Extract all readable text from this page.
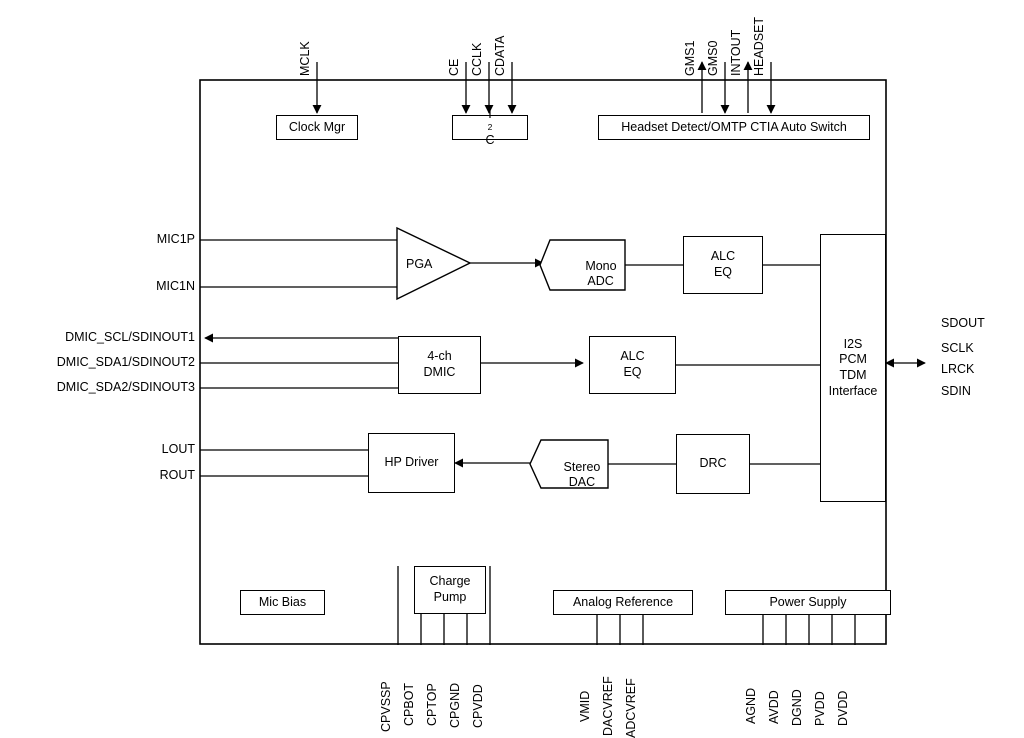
MCLK	CE CCLK CDATA	GMS1 GMS0 INTOUT HEADSET
Clock Mgr
I
2
C
Headset Detect/OMTP CTIA Auto Switch
MIC1P
MIC1N
DMIC_SCL/SDINOUT1
DMIC_SDA1/SDINOUT2
DMIC_SDA2/SDINOUT3
LOUT
ROUT
SDOUT
SCLK
LRCK
SDIN
PGA	Mono
ADC

ALC
EQ
4-ch
DMIC
ALC
EQ
I2S
PCM
TDM
Interface
HP Driver	Stereo
DAC

DRC
Mic Bias
Charge
Pump	Analog Reference	Power Supply
CPVSSP CPBOT CPTOP CPGND CPVDD	VMID DACVREF ADCVREF	AGND AVDD DGND PVDD DVDD
